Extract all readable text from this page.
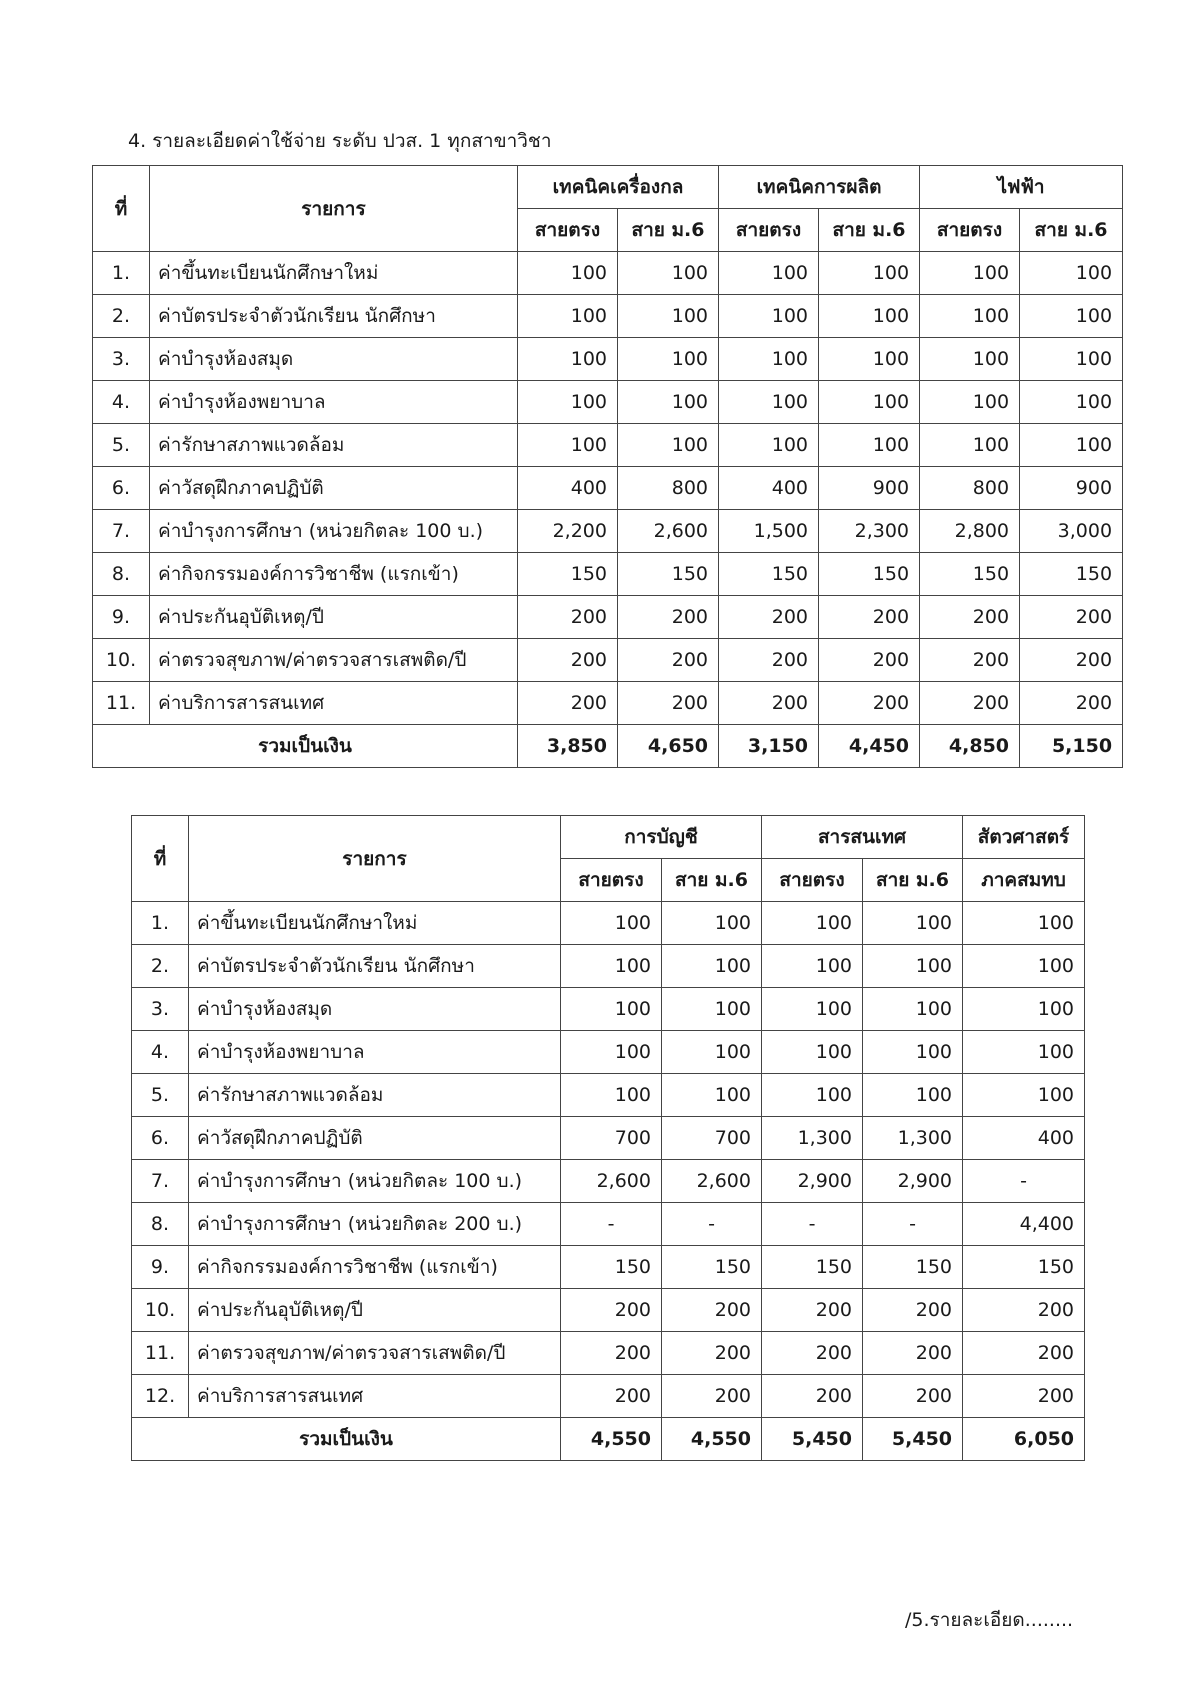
4. รายละเอียดค่าใช้จ่าย ระดับ ปวส. 1 ทุกสาขาวิชา
ที่	รายการ	เทคนิคเครื่องกล		เทคนิคการผลิต		ไฟฟ้า	
		สายตรง	สาย ม.6	สายตรง	สาย ม.6	สายตรง	สาย ม.6
1.	ค่าขึ้นทะเบียนนักศึกษาใหม่	100	100	100	100	100	100
2.	ค่าบัตรประจำตัวนักเรียน นักศึกษา	100	100	100	100	100	100
3.	ค่าบำรุงห้องสมุด	100	100	100	100	100	100
4.	ค่าบำรุงห้องพยาบาล	100	100	100	100	100	100
5.	ค่ารักษาสภาพแวดล้อม	100	100	100	100	100	100
6.	ค่าวัสดุฝึกภาคปฏิบัติ	400	800	400	900	800	900
7.	ค่าบำรุงการศึกษา (หน่วยกิตละ 100 บ.)	2,200	2,600	1,500	2,300	2,800	3,000
8.	ค่ากิจกรรมองค์การวิชาชีพ (แรกเข้า)	150	150	150	150	150	150
9.	ค่าประกันอุบัติเหตุ/ปี	200	200	200	200	200	200
10.	ค่าตรวจสุขภาพ/ค่าตรวจสารเสพติด/ปี	200	200	200	200	200	200
11.	ค่าบริการสารสนเทศ	200	200	200	200	200	200
รวมเป็นเงิน		3,850	4,650	3,150	4,450	4,850	5,150
ที่	รายการ	การบัญชี		สารสนเทศ		สัตวศาสตร์
		สายตรง	สาย ม.6	สายตรง	สาย ม.6	ภาคสมทบ
1.	ค่าขึ้นทะเบียนนักศึกษาใหม่	100	100	100	100	100
2.	ค่าบัตรประจำตัวนักเรียน นักศึกษา	100	100	100	100	100
3.	ค่าบำรุงห้องสมุด	100	100	100	100	100
4.	ค่าบำรุงห้องพยาบาล	100	100	100	100	100
5.	ค่ารักษาสภาพแวดล้อม	100	100	100	100	100
6.	ค่าวัสดุฝึกภาคปฏิบัติ	700	700	1,300	1,300	400
7.	ค่าบำรุงการศึกษา (หน่วยกิตละ 100 บ.)	2,600	2,600	2,900	2,900	-
8.	ค่าบำรุงการศึกษา (หน่วยกิตละ 200 บ.)	-	-	-	-	4,400
9.	ค่ากิจกรรมองค์การวิชาชีพ (แรกเข้า)	150	150	150	150	150
10.	ค่าประกันอุบัติเหตุ/ปี	200	200	200	200	200
11.	ค่าตรวจสุขภาพ/ค่าตรวจสารเสพติด/ปี	200	200	200	200	200
12.	ค่าบริการสารสนเทศ	200	200	200	200	200
รวมเป็นเงิน		4,550	4,550	5,450	5,450	6,050
/5.รายละเอียด........
